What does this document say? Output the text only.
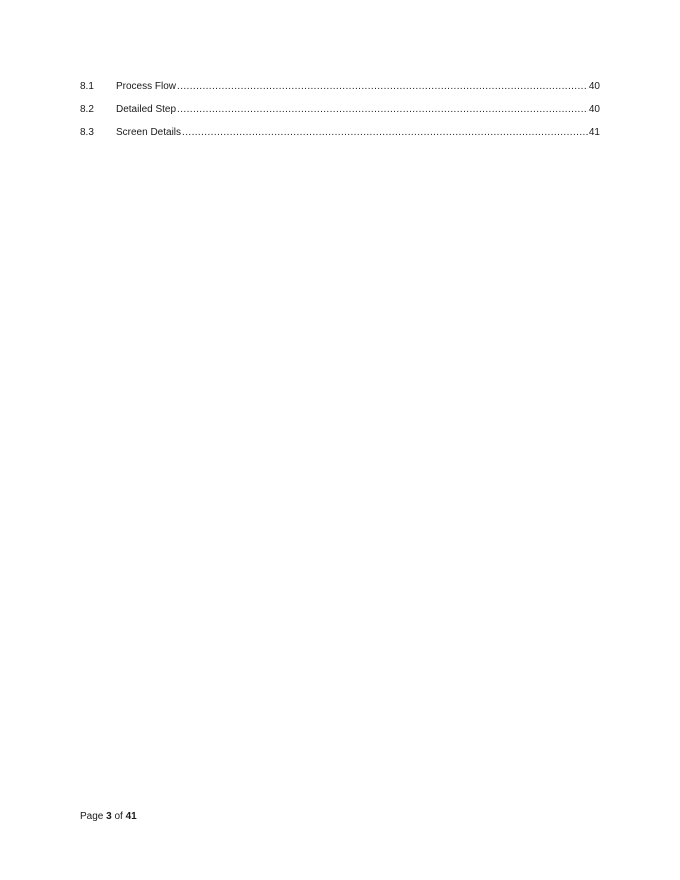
8.1	Process Flow .....	40
8.2	Detailed Step .....	40
8.3	Screen Details .....	41
Page 3 of 41
